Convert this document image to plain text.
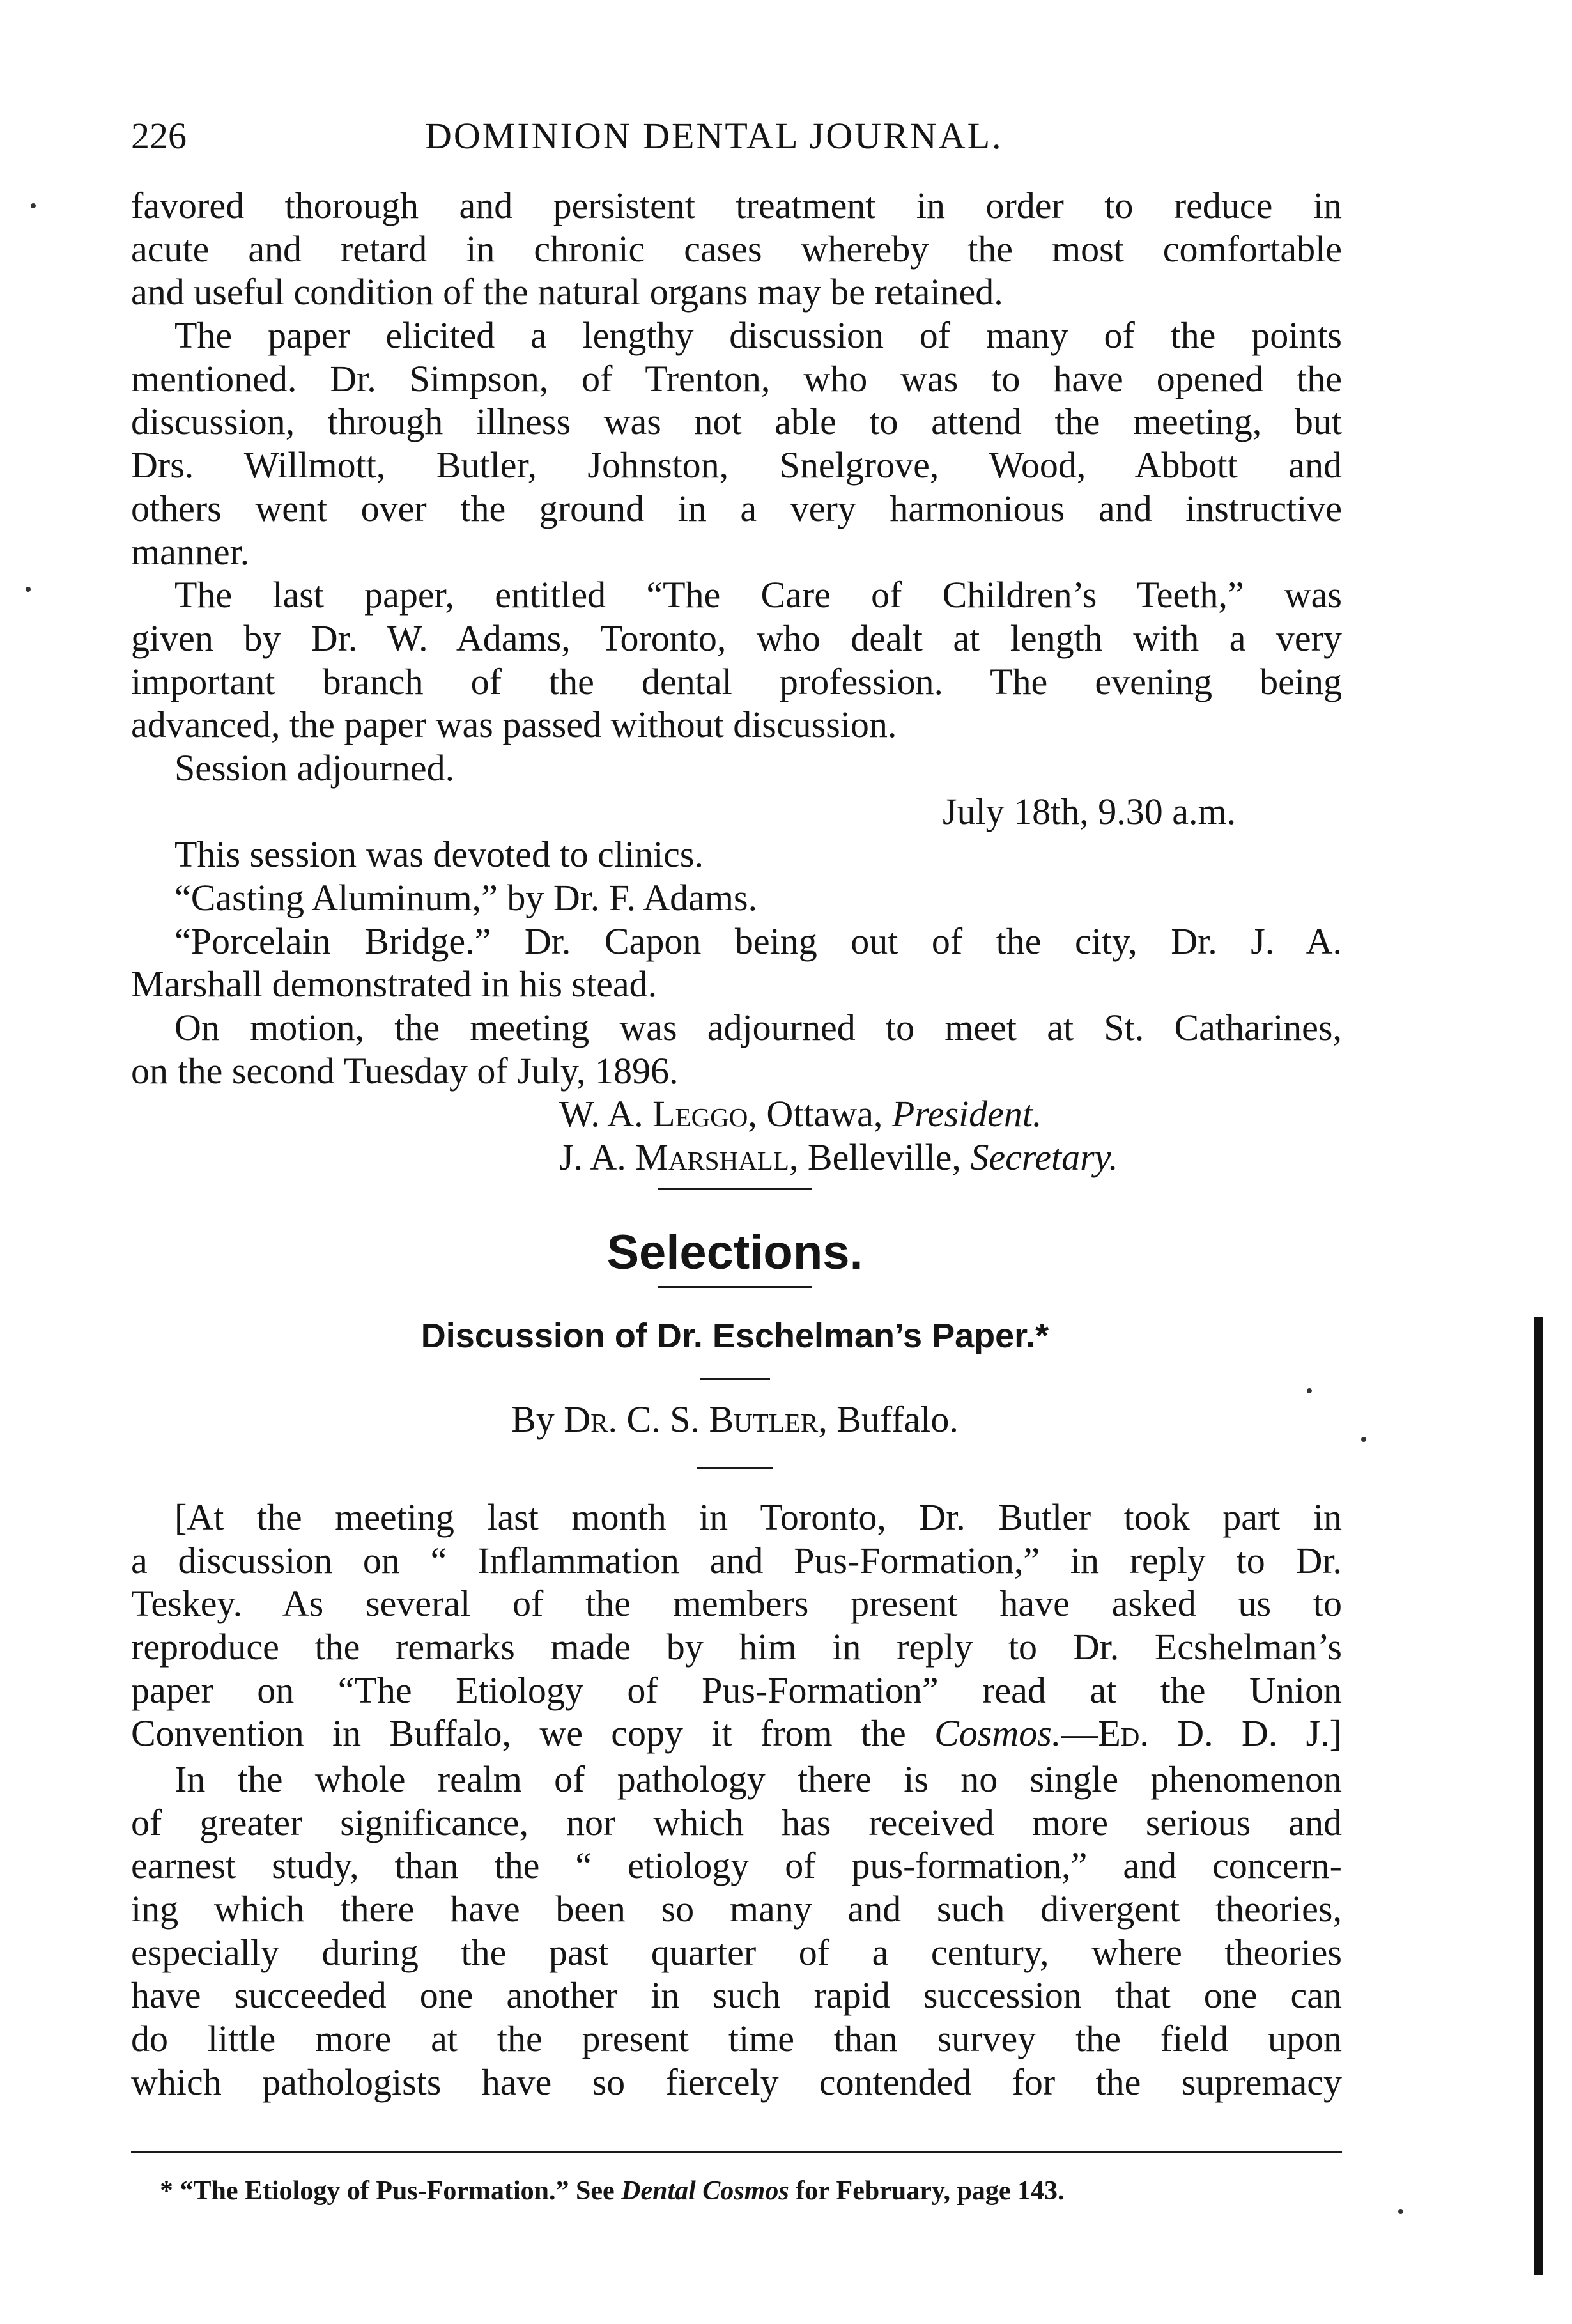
226	DOMINION DENTAL JOURNAL.
favored thorough and persistent treatment in order to reduce in
acute and retard in chronic cases whereby the most comfortable
and useful condition of the natural organs may be retained.
The paper elicited a lengthy discussion of many of the points
mentioned. Dr. Simpson, of Trenton, who was to have opened the
discussion, through illness was not able to attend the meeting, but
Drs. Willmott, Butler, Johnston, Snelgrove, Wood, Abbott and
others went over the ground in a very harmonious and instructive
manner.
The last paper, entitled “The Care of Children’s Teeth,” was
given by Dr. W. Adams, Toronto, who dealt at length with a very
important branch of the dental profession. The evening being
advanced, the paper was passed without discussion.
Session adjourned.
July 18th, 9.30 a.m.
This session was devoted to clinics.
“Casting Aluminum,” by Dr. F. Adams.
“Porcelain Bridge.” Dr. Capon being out of the city, Dr. J. A.
Marshall demonstrated in his stead.
On motion, the meeting was adjourned to meet at St. Catharines,
on the second Tuesday of July, 1896.
W. A. Leggo, Ottawa, President.
J. A. Marshall, Belleville, Secretary.
Selections.
Discussion of Dr. Eschelman’s Paper.*
By Dr. C. S. Butler, Buffalo.
[At the meeting last month in Toronto, Dr. Butler took part in
a discussion on “ Inflammation and Pus-Formation,” in reply to Dr.
Teskey. As several of the members present have asked us to
reproduce the remarks made by him in reply to Dr. Ecshelman’s
paper on “The Etiology of Pus-Formation” read at the Union
Convention in Buffalo, we copy it from the Cosmos.—Ed. D. D. J.]
In the whole realm of pathology there is no single phenomenon
of greater significance, nor which has received more serious and
earnest study, than the “ etiology of pus-formation,” and concern-
ing which there have been so many and such divergent theories,
especially during the past quarter of a century, where theories
have succeeded one another in such rapid succession that one can
do little more at the present time than survey the field upon
which pathologists have so fiercely contended for the supremacy
* “The Etiology of Pus-Formation.” See Dental Cosmos for February, page 143.
